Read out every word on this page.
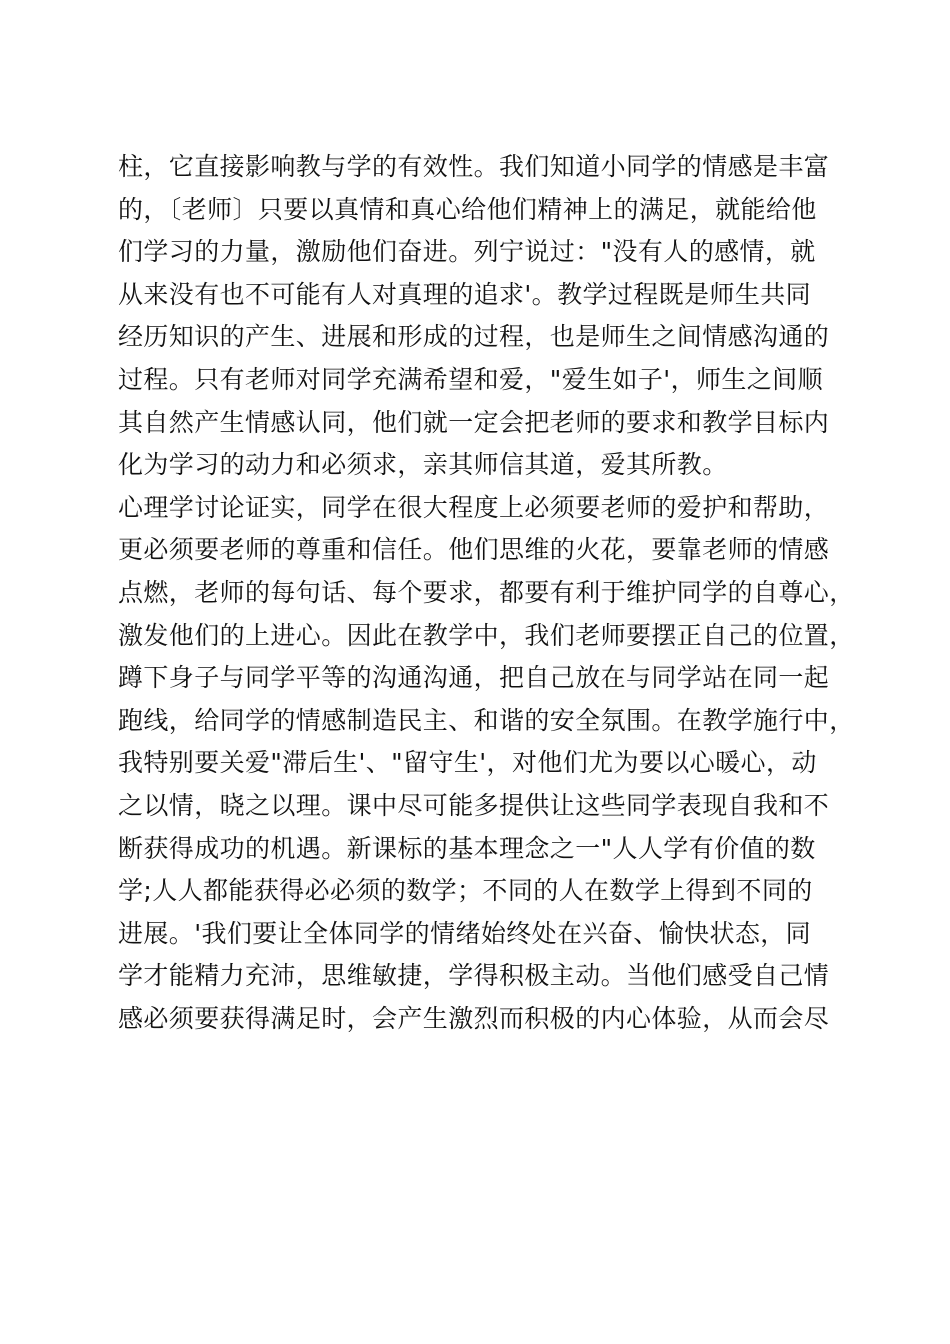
柱，它直接影响教与学的有效性。我们知道小同学的情感是丰富
的，〔老师〕只要以真情和真心给他们精神上的满足，就能给他
们学习的力量，激励他们奋进。列宁说过："没有人的感情，就
从来没有也不可能有人对真理的追求'。教学过程既是师生共同
经历知识的产生、进展和形成的过程，也是师生之间情感沟通的
过程。只有老师对同学充满希望和爱，"爱生如子'，师生之间顺
其自然产生情感认同，他们就一定会把老师的要求和教学目标内
化为学习的动力和必须求，亲其师信其道，爱其所教。
心理学讨论证实，同学在很大程度上必须要老师的爱护和帮助，
更必须要老师的尊重和信任。他们思维的火花，要靠老师的情感
点燃，老师的每句话、每个要求，都要有利于维护同学的自尊心，
激发他们的上进心。因此在教学中，我们老师要摆正自己的位置，
蹲下身子与同学平等的沟通沟通，把自己放在与同学站在同一起
跑线，给同学的情感制造民主、和谐的安全氛围。在教学施行中，
我特别要关爱"滞后生'、"留守生'，对他们尤为要以心暖心，动
之以情，晓之以理。课中尽可能多提供让这些同学表现自我和不
断获得成功的机遇。新课标的基本理念之一"人人学有价值的数
学;人人都能获得必必须的数学；不同的人在数学上得到不同的
进展。'我们要让全体同学的情绪始终处在兴奋、愉快状态，同
学才能精力充沛，思维敏捷，学得积极主动。当他们感受自己情
感必须要获得满足时，会产生激烈而积极的内心体验，从而会尽
